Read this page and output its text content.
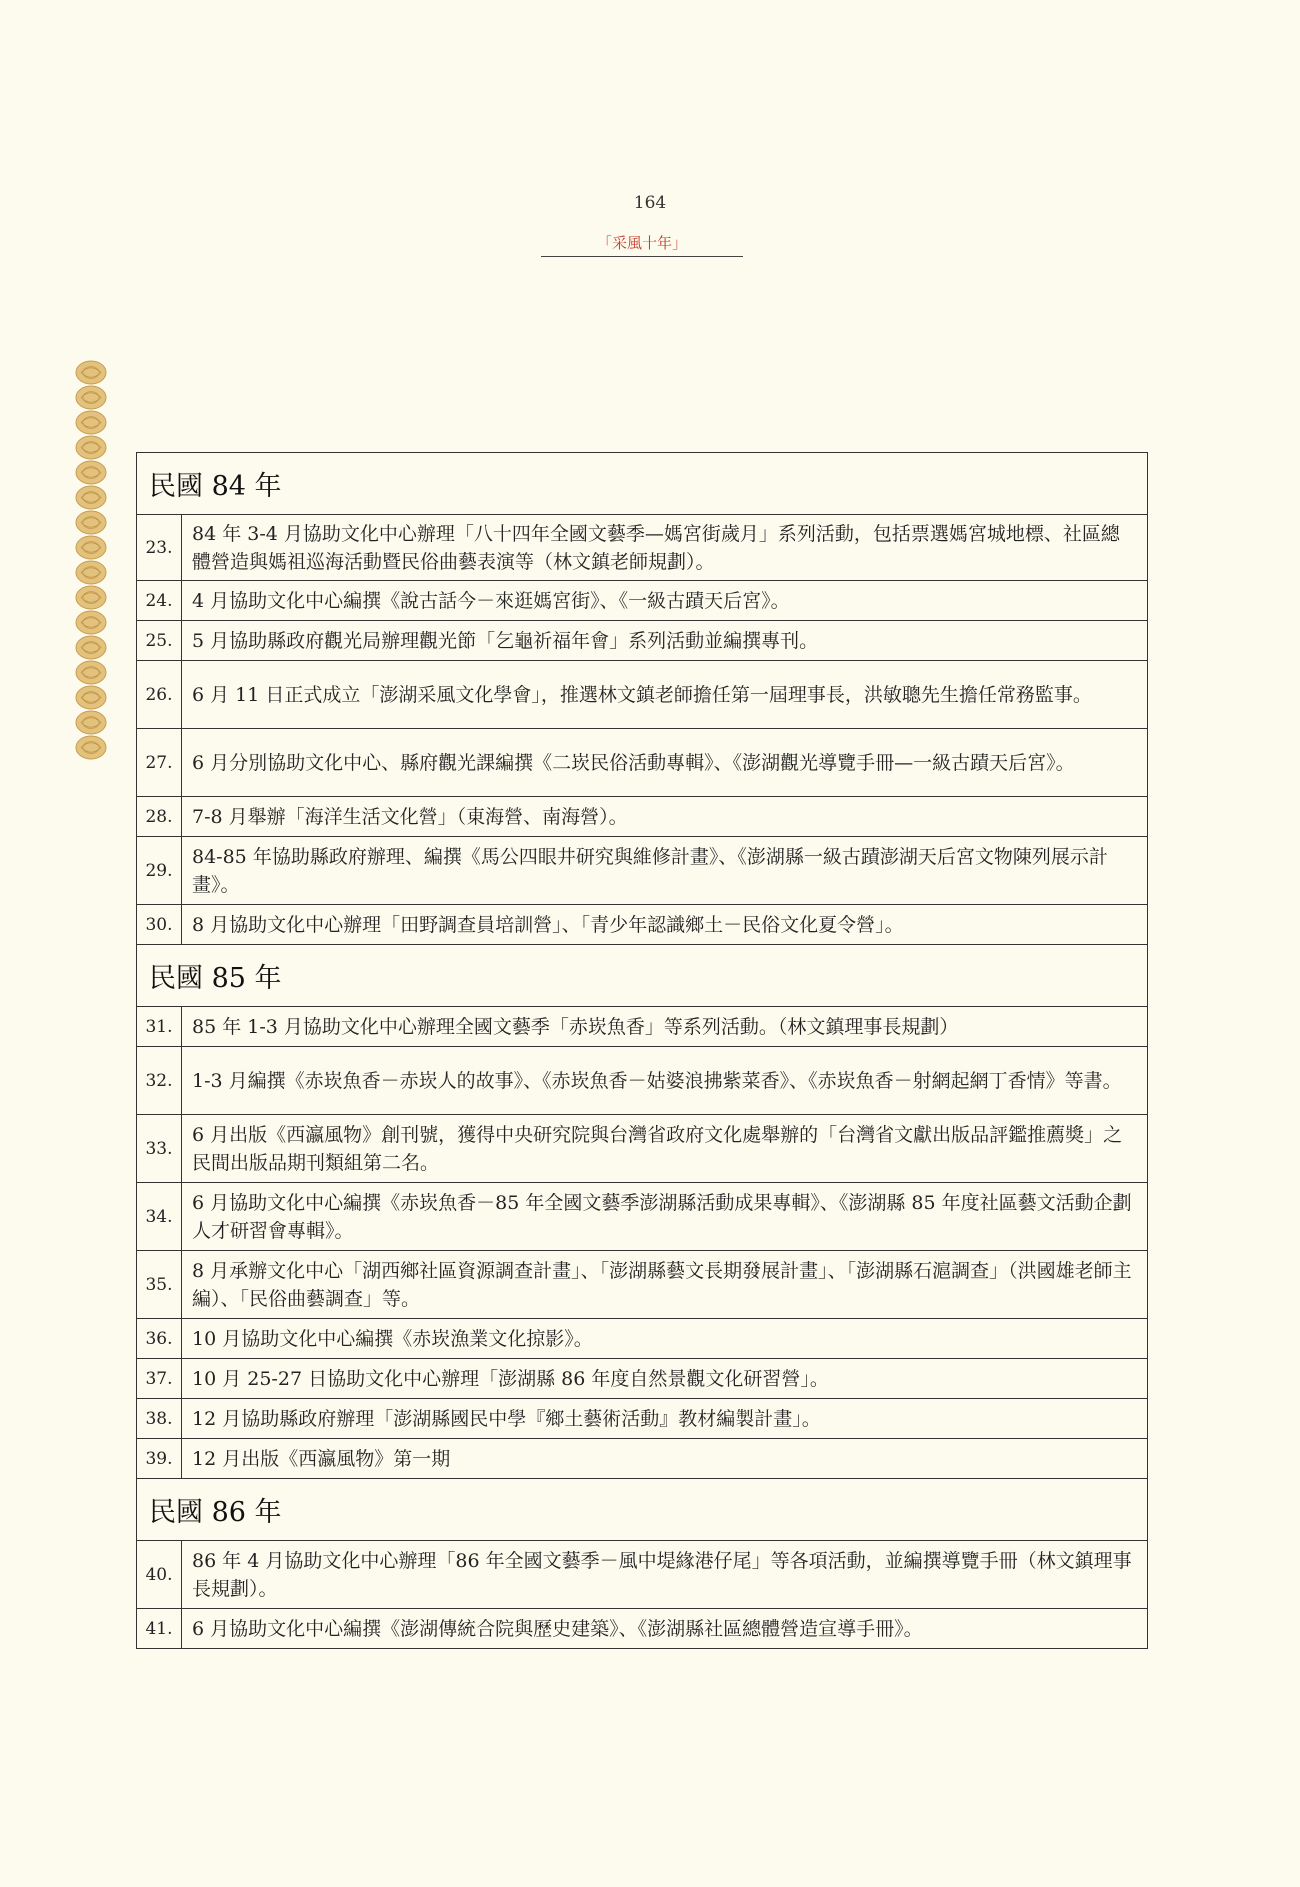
164
「采風十年」
民國 84 年	
23.	84 年 3-4 月協助文化中心辦理「八十四年全國文藝季—媽宮街歲月」系列活動，包括票選媽宮城地標、社區總體營造與媽祖巡海活動暨民俗曲藝表演等（林文鎮老師規劃）。
24.	4 月協助文化中心編撰《說古話今－來逛媽宮街》、《一級古蹟天后宮》。
25.	5 月協助縣政府觀光局辦理觀光節「乞龜祈福年會」系列活動並編撰專刊。
26.	6 月 11 日正式成立「澎湖采風文化學會」，推選林文鎮老師擔任第一屆理事長，洪敏聰先生擔任常務監事。
27.	6 月分別協助文化中心、縣府觀光課編撰《二崁民俗活動專輯》、《澎湖觀光導覽手冊—一級古蹟天后宮》。
28.	7-8 月舉辦「海洋生活文化營」（東海營、南海營）。
29.	84-85 年協助縣政府辦理、編撰《馬公四眼井研究與維修計畫》、《澎湖縣一級古蹟澎湖天后宮文物陳列展示計畫》。
30.	8 月協助文化中心辦理「田野調查員培訓營」、「青少年認識鄉土－民俗文化夏令營」。
民國 85 年	
31.	85 年 1-3 月協助文化中心辦理全國文藝季「赤崁魚香」等系列活動。（林文鎮理事長規劃）
32.	1-3 月編撰《赤崁魚香－赤崁人的故事》、《赤崁魚香－姑婆浪拂紫菜香》、《赤崁魚香－射網起網丁香情》等書。
33.	6 月出版《西瀛風物》創刊號，獲得中央研究院與台灣省政府文化處舉辦的「台灣省文獻出版品評鑑推薦獎」之民間出版品期刊類組第二名。
34.	6 月協助文化中心編撰《赤崁魚香－85 年全國文藝季澎湖縣活動成果專輯》、《澎湖縣 85 年度社區藝文活動企劃人才研習會專輯》。
35.	8 月承辦文化中心「湖西鄉社區資源調查計畫」、「澎湖縣藝文長期發展計畫」、「澎湖縣石滬調查」（洪國雄老師主編）、「民俗曲藝調查」等。
36.	10 月協助文化中心編撰《赤崁漁業文化掠影》。
37.	10 月 25-27 日協助文化中心辦理「澎湖縣 86 年度自然景觀文化研習營」。
38.	12 月協助縣政府辦理「澎湖縣國民中學『鄉土藝術活動』教材編製計畫」。
39.	12 月出版《西瀛風物》第一期
民國 86 年	
40.	86 年 4 月協助文化中心辦理「86 年全國文藝季－風中堤緣港仔尾」等各項活動，並編撰導覽手冊（林文鎮理事長規劃）。
41.	6 月協助文化中心編撰《澎湖傳統合院與歷史建築》、《澎湖縣社區總體營造宣導手冊》。
